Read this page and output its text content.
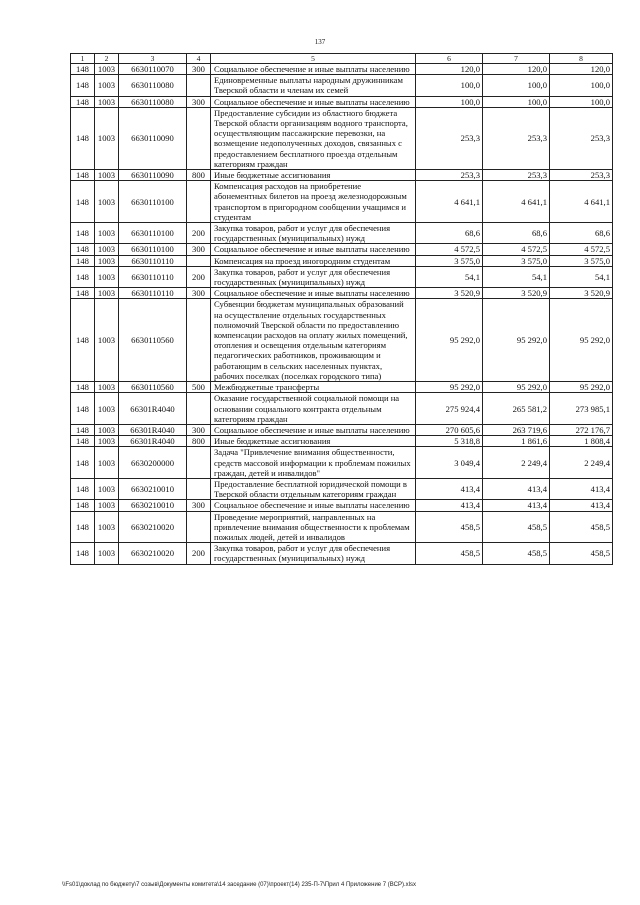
137
1	2	3	4	5	6	7	8
148	1003	6630110070	300	Социальное обеспечение и иные выплаты населению	120,0	120,0	120,0
148	1003	6630110080		Единовременные выплаты народным дружинникам Тверской области и членам их семей	100,0	100,0	100,0
148	1003	6630110080	300	Социальное обеспечение и иные выплаты населению	100,0	100,0	100,0
148	1003	6630110090		Предоставление субсидии из областного бюджета Тверской области организациям водного транспорта, осуществляющим пассажирские перевозки, на возмещение недополученных доходов, связанных с предоставлением бесплатного проезда отдельным категориям граждан	253,3	253,3	253,3
148	1003	6630110090	800	Иные бюджетные ассигнования	253,3	253,3	253,3
148	1003	6630110100		Компенсация расходов на приобретение абонементных билетов на проезд железнодорожным транспортом в пригородном сообщении учащимся и студентам	4 641,1	4 641,1	4 641,1
148	1003	6630110100	200	Закупка товаров, работ и услуг для обеспечения государственных (муниципальных) нужд	68,6	68,6	68,6
148	1003	6630110100	300	Социальное обеспечение и иные выплаты населению	4 572,5	4 572,5	4 572,5
148	1003	6630110110		Компенсация на проезд иногородним студентам	3 575,0	3 575,0	3 575,0
148	1003	6630110110	200	Закупка товаров, работ и услуг для обеспечения государственных (муниципальных) нужд	54,1	54,1	54,1
148	1003	6630110110	300	Социальное обеспечение и иные выплаты населению	3 520,9	3 520,9	3 520,9
148	1003	6630110560		Субвенции бюджетам муниципальных образований на осуществление отдельных государственных полномочий Тверской области по предоставлению компенсации расходов на оплату жилых помещений, отопления и освещения отдельным категориям педагогических работников, проживающим и работающим в сельских населенных пунктах, рабочих поселках (поселках городского типа)	95 292,0	95 292,0	95 292,0
148	1003	6630110560	500	Межбюджетные трансферты	95 292,0	95 292,0	95 292,0
148	1003	66301R4040		Оказание государственной социальной помощи на основании социального контракта отдельным категориям граждан	275 924,4	265 581,2	273 985,1
148	1003	66301R4040	300	Социальное обеспечение и иные выплаты населению	270 605,6	263 719,6	272 176,7
148	1003	66301R4040	800	Иные бюджетные ассигнования	5 318,8	1 861,6	1 808,4
148	1003	6630200000		Задача "Привлечение внимания общественности, средств массовой информации к проблемам пожилых граждан, детей и инвалидов"	3 049,4	2 249,4	2 249,4
148	1003	6630210010		Предоставление бесплатной юридической помощи в Тверской области отдельным категориям граждан	413,4	413,4	413,4
148	1003	6630210010	300	Социальное обеспечение и иные выплаты населению	413,4	413,4	413,4
148	1003	6630210020		Проведение мероприятий, направленных на привлечение внимания общественности к проблемам пожилых людей, детей и инвалидов	458,5	458,5	458,5
148	1003	6630210020	200	Закупка товаров, работ и услуг для обеспечения государственных (муниципальных) нужд	458,5	458,5	458,5
\\Fs01\доклад по бюджету\7 созыв\Документы комитета\14 заседание (07)\проект(14) 235-П-7\Прил 4 Приложение 7 (ВСР).xlsx
